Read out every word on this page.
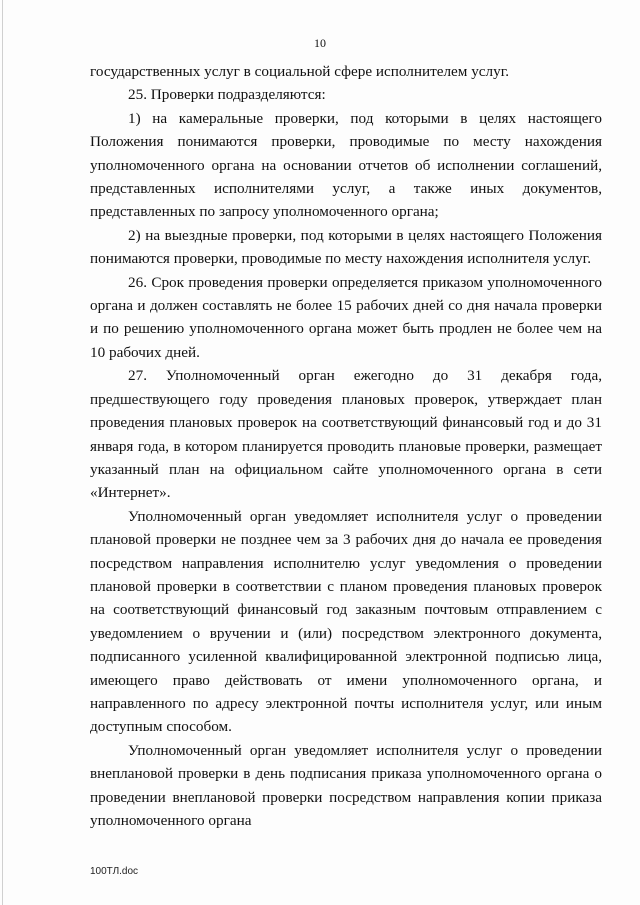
10

государственных услуг в социальной сфере исполнителем услуг.

25. Проверки подразделяются:

1) на камеральные проверки, под которыми в целях настоящего Положения понимаются проверки, проводимые по месту нахождения уполномоченного органа на основании отчетов об исполнении соглашений, представленных исполнителями услуг, а также иных документов, представленных по запросу уполномоченного органа;

2) на выездные проверки, под которыми в целях настоящего Положения понимаются проверки, проводимые по месту нахождения исполнителя услуг.

26. Срок проведения проверки определяется приказом уполномоченного органа и должен составлять не более 15 рабочих дней со дня начала проверки и по решению уполномоченного органа может быть продлен не более чем на 10 рабочих дней.

27. Уполномоченный орган ежегодно до 31 декабря года, предшествующего году проведения плановых проверок, утверждает план проведения плановых проверок на соответствующий финансовый год и до 31 января года, в котором планируется проводить плановые проверки, размещает указанный план на официальном сайте уполномоченного органа в сети «Интернет».

Уполномоченный орган уведомляет исполнителя услуг о проведении плановой проверки не позднее чем за 3 рабочих дня до начала ее проведения посредством направления исполнителю услуг уведомления о проведении плановой проверки в соответствии с планом проведения плановых проверок на соответствующий финансовый год заказным почтовым отправлением с уведомлением о вручении и (или) посредством электронного документа, подписанного усиленной квалифицированной электронной подписью лица, имеющего право действовать от имени уполномоченного органа, и направленного по адресу электронной почты исполнителя услуг, или иным доступным способом.

Уполномоченный орган уведомляет исполнителя услуг о проведении внеплановой проверки в день подписания приказа уполномоченного органа о проведении внеплановой проверки посредством направления копии приказа уполномоченного органа

100ТЛ.doc
